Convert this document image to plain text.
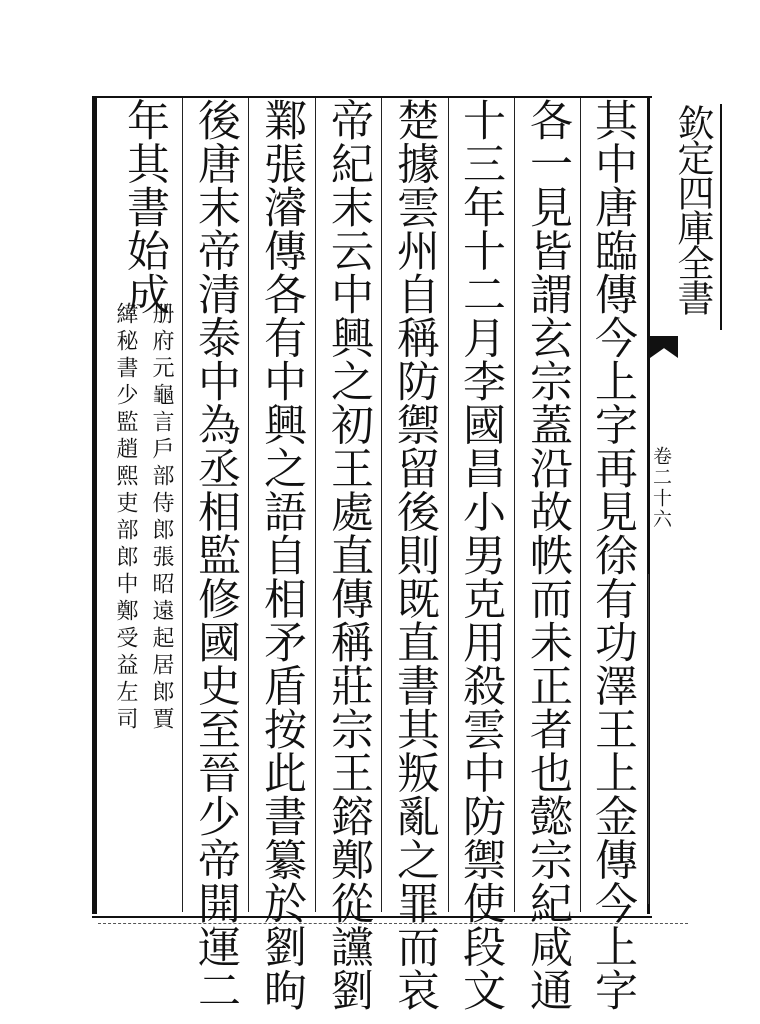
欽定四庫全書
卷二十六
其中唐臨傳今上字再見徐有功澤王上金傳今上字
各一見皆謂玄宗蓋沿故帙而未正者也懿宗紀咸通
十三年十二月李國昌小男克用殺雲中防禦使段文
楚據雲州自稱防禦留後則既直書其叛亂之罪而哀
帝紀末云中興之初王處直傳稱莊宗王鎔鄭從讜劉
鄴張濬傳各有中興之語自相矛盾按此書纂於劉昫
後唐末帝清泰中為丞相監修國史至晉少帝開運二
年其書始成
册府元龜言戶部侍郎張昭遠起居郎賈
緯秘書少監趙熙吏部郎中鄭受益左司
